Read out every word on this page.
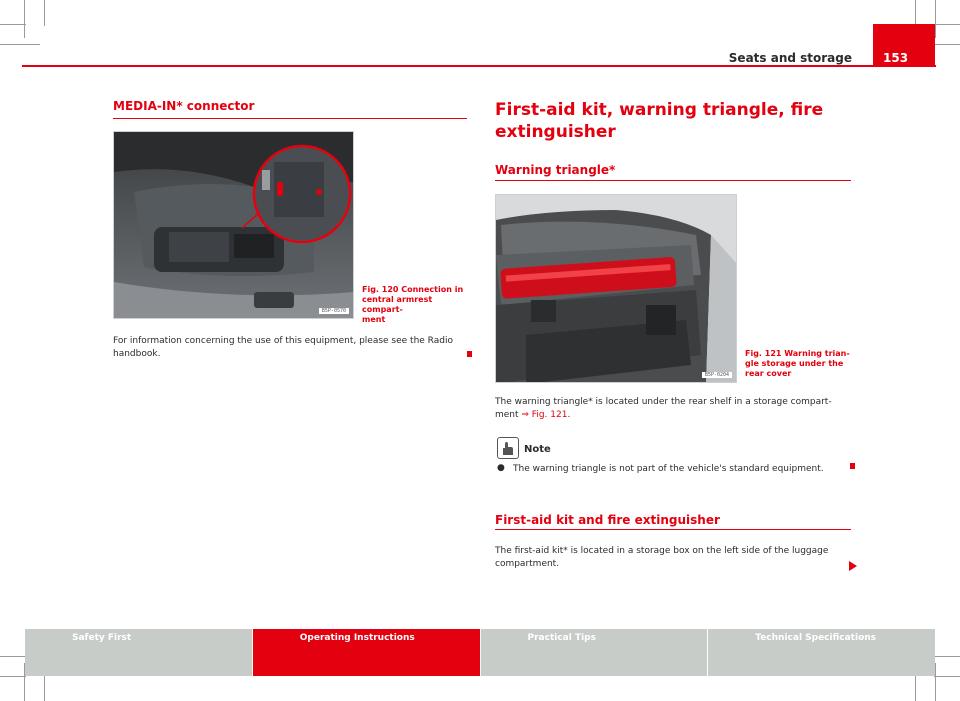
Seats and storage	153
MEDIA-IN* connector
B5P-0570
Fig. 120 Connection in
central armrest compart-
ment
For information concerning the use of this equipment, please see the Radio
handbook.
First-aid kit, warning triangle, fire
extinguisher
Warning triangle*
B5P-0204
Fig. 121 Warning trian-
gle storage under the
rear cover
The warning triangle* is located under the rear shelf in a storage compart-
ment ⇒ Fig. 121.
Note
● The warning triangle is not part of the vehicle's standard equipment.
First-aid kit and fire extinguisher
The first-aid kit* is located in a storage box on the left side of the luggage
compartment.
Safety First	Operating Instructions	Practical Tips	Technical Specifications
